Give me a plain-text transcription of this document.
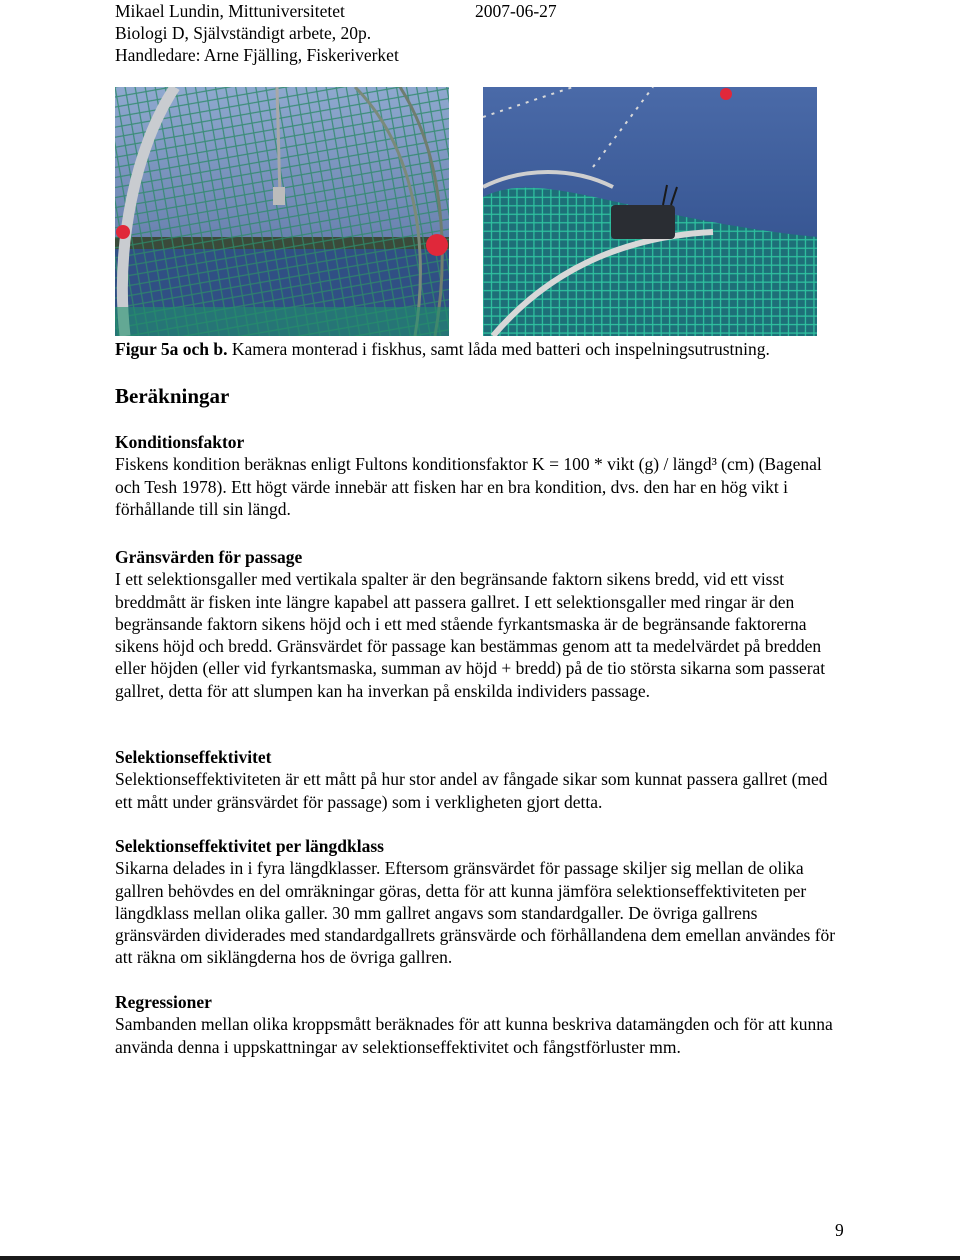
Mikael Lundin, Mittuniversitetet	2007-06-27
Biologi D, Självständigt arbete, 20p.
Handledare: Arne Fjälling, Fiskeriverket
Figur 5a och b. Kamera monterad i fiskhus, samt låda med batteri och inspelningsutrustning.
Beräkningar
Konditionsfaktor
Fiskens kondition beräknas enligt Fultons konditionsfaktor K = 100 * vikt (g) / längd³ (cm) (Bagenal och Tesh 1978). Ett högt värde innebär att fisken har en bra kondition, dvs. den har en hög vikt i förhållande till sin längd.
Gränsvärden för passage
I ett selektionsgaller med vertikala spalter är den begränsande faktorn sikens bredd, vid ett visst breddmått är fisken inte längre kapabel att passera gallret. I ett selektionsgaller med ringar är den begränsande faktorn sikens höjd och i ett med stående fyrkantsmaska är de begränsande faktorerna sikens höjd och bredd. Gränsvärdet för passage kan bestämmas genom att ta medelvärdet på bredden eller höjden (eller vid fyrkantsmaska, summan av höjd + bredd) på de tio största sikarna som passerat gallret, detta för att slumpen kan ha inverkan på enskilda individers passage.
Selektionseffektivitet
Selektionseffektiviteten är ett mått på hur stor andel av fångade sikar som kunnat passera gallret (med ett mått under gränsvärdet för passage) som i verkligheten gjort detta.
Selektionseffektivitet per längdklass
Sikarna delades in i fyra längdklasser. Eftersom gränsvärdet för passage skiljer sig mellan de olika gallren behövdes en del omräkningar göras, detta för att kunna jämföra selektionseffektiviteten per längdklass mellan olika galler. 30 mm gallret angavs som standardgaller. De övriga gallrens gränsvärden dividerades med standardgallrets gränsvärde och förhållandena dem emellan användes för att räkna om siklängderna hos de övriga gallren.
Regressioner
Sambanden mellan olika kroppsmått beräknades för att kunna beskriva datamängden och för att kunna använda denna i uppskattningar av selektionseffektivitet och fångstförluster mm.
9
